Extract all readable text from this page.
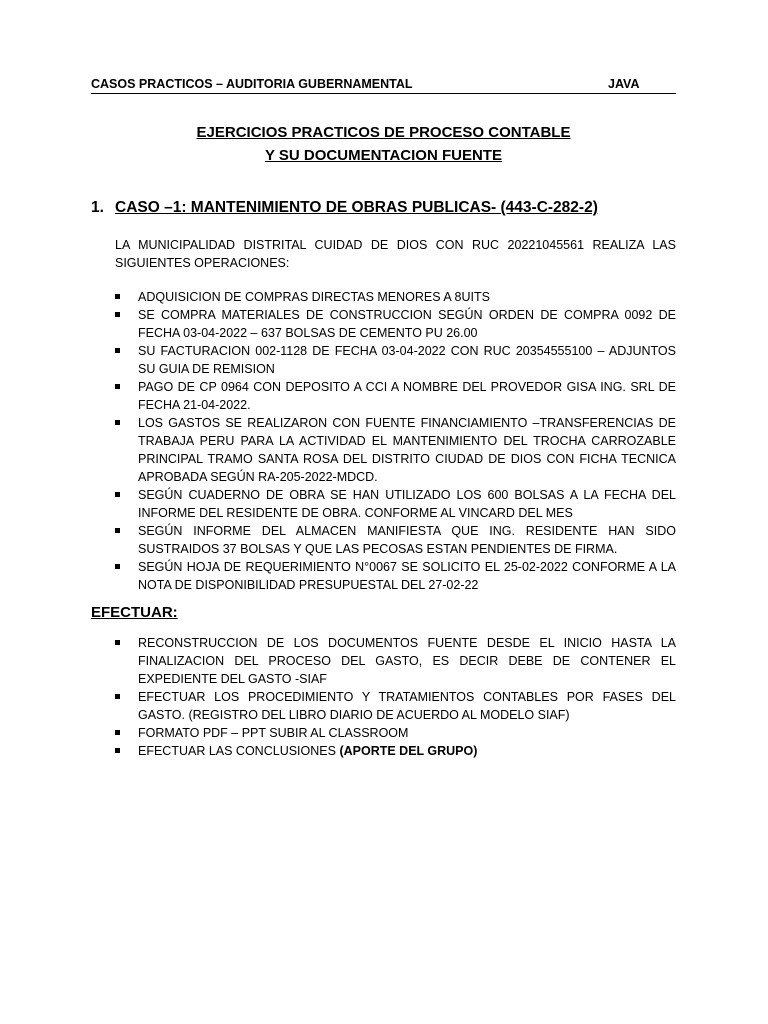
CASOS PRACTICOS – AUDITORIA GUBERNAMENTAL	JAVA
EJERCICIOS PRACTICOS DE PROCESO CONTABLE
Y SU DOCUMENTACION FUENTE
1. CASO –1: MANTENIMIENTO DE OBRAS PUBLICAS- (443-C-282-2)
LA MUNICIPALIDAD DISTRITAL CUIDAD DE DIOS CON RUC 20221045561 REALIZA LAS SIGUIENTES OPERACIONES:
ADQUISICION DE COMPRAS DIRECTAS MENORES A 8UITS
SE COMPRA MATERIALES DE CONSTRUCCION SEGÚN ORDEN DE COMPRA 0092 DE FECHA 03-04-2022 – 637 BOLSAS DE CEMENTO PU 26.00
SU FACTURACION 002-1128 DE FECHA 03-04-2022 CON RUC 20354555100 – ADJUNTOS SU GUIA DE REMISION
PAGO DE CP 0964 CON DEPOSITO A CCI A NOMBRE DEL PROVEDOR GISA ING. SRL DE FECHA 21-04-2022.
LOS GASTOS SE REALIZARON CON FUENTE FINANCIAMIENTO –TRANSFERENCIAS DE TRABAJA PERU PARA LA ACTIVIDAD EL MANTENIMIENTO DEL TROCHA CARROZABLE PRINCIPAL TRAMO SANTA ROSA DEL DISTRITO CIUDAD DE DIOS CON FICHA TECNICA APROBADA SEGÚN RA-205-2022-MDCD.
SEGÚN CUADERNO DE OBRA SE HAN UTILIZADO LOS 600 BOLSAS A LA FECHA DEL INFORME DEL RESIDENTE DE OBRA. CONFORME AL VINCARD DEL MES
SEGÚN INFORME DEL ALMACEN MANIFIESTA QUE ING. RESIDENTE HAN SIDO SUSTRAIDOS 37 BOLSAS Y QUE LAS PECOSAS ESTAN PENDIENTES DE FIRMA.
SEGÚN HOJA DE REQUERIMIENTO N°0067 SE SOLICITO EL 25-02-2022 CONFORME A LA NOTA DE DISPONIBILIDAD PRESUPUESTAL DEL 27-02-22
EFECTUAR:
RECONSTRUCCION DE LOS DOCUMENTOS FUENTE DESDE EL INICIO HASTA LA FINALIZACION DEL PROCESO DEL GASTO, ES DECIR DEBE DE CONTENER EL EXPEDIENTE DEL GASTO -SIAF
EFECTUAR LOS PROCEDIMIENTO Y TRATAMIENTOS CONTABLES POR FASES DEL GASTO. (REGISTRO DEL LIBRO DIARIO DE ACUERDO AL MODELO SIAF)
FORMATO PDF – PPT SUBIR AL CLASSROOM
EFECTUAR LAS CONCLUSIONES (APORTE DEL GRUPO)
